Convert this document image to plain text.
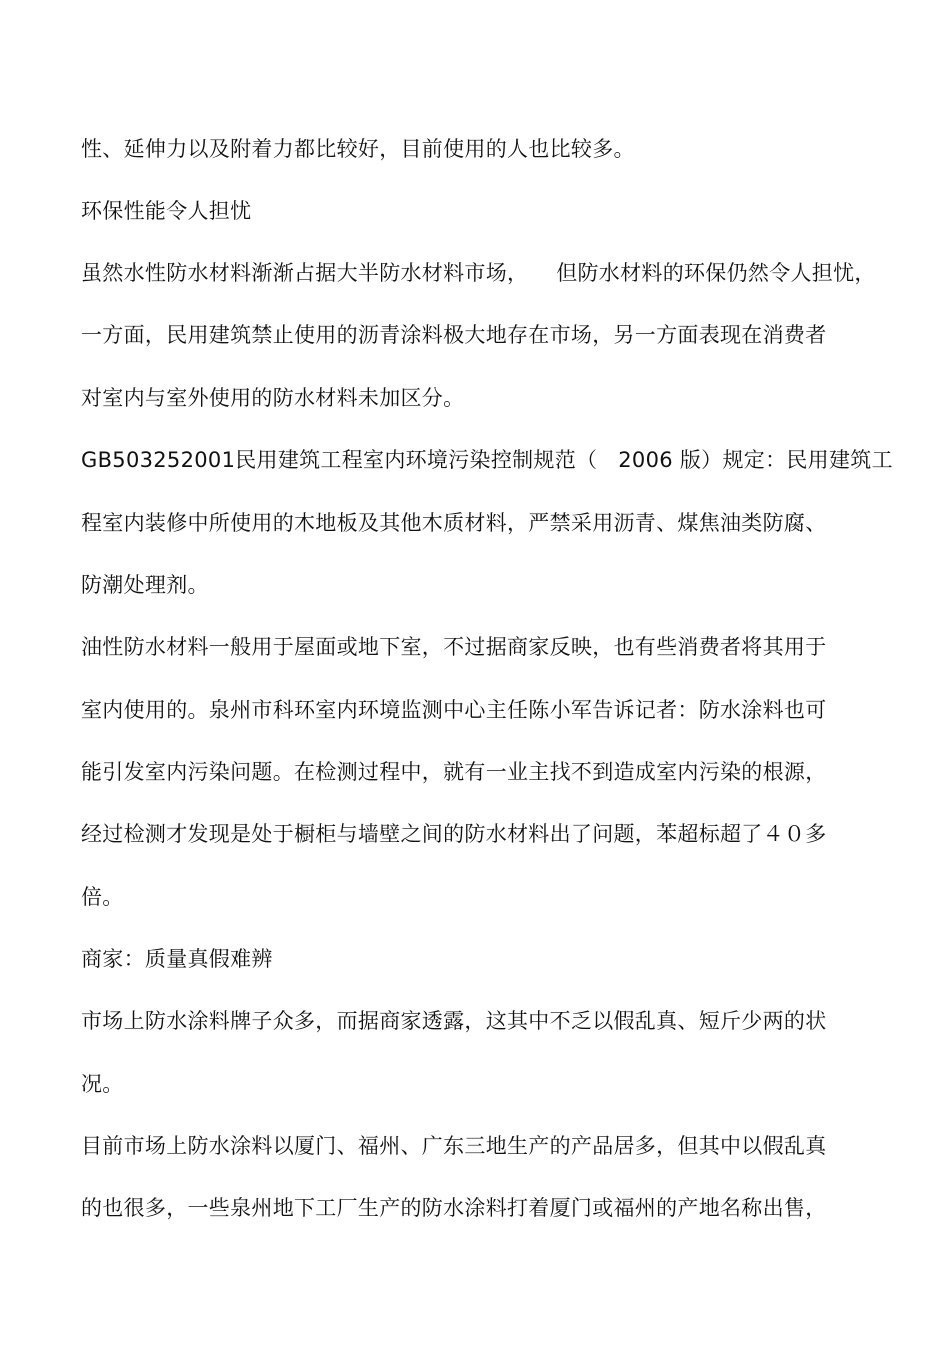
性、延伸力以及附着力都比较好，目前使用的人也比较多。
环保性能令人担忧
虽然水性防水材料渐渐占据大半防水材料市场，    但防水材料的环保仍然令人担忧，
一方面，民用建筑禁止使用的沥青涂料极大地存在市场，另一方面表现在消费者
对室内与室外使用的防水材料未加区分。
GB503252001民用建筑工程室内环境污染控制规范（   2006 版）规定：民用建筑工
程室内装修中所使用的木地板及其他木质材料，严禁采用沥青、煤焦油类防腐、
防潮处理剂。
油性防水材料一般用于屋面或地下室，不过据商家反映，也有些消费者将其用于
室内使用的。泉州市科环室内环境监测中心主任陈小军告诉记者：防水涂料也可
能引发室内污染问题。在检测过程中，就有一业主找不到造成室内污染的根源，
经过检测才发现是处于橱柜与墙壁之间的防水材料出了问题，苯超标超了４０多
倍。
商家：质量真假难辨
市场上防水涂料牌子众多，而据商家透露，这其中不乏以假乱真、短斤少两的状
况。
目前市场上防水涂料以厦门、福州、广东三地生产的产品居多，但其中以假乱真
的也很多，一些泉州地下工厂生产的防水涂料打着厦门或福州的产地名称出售，
